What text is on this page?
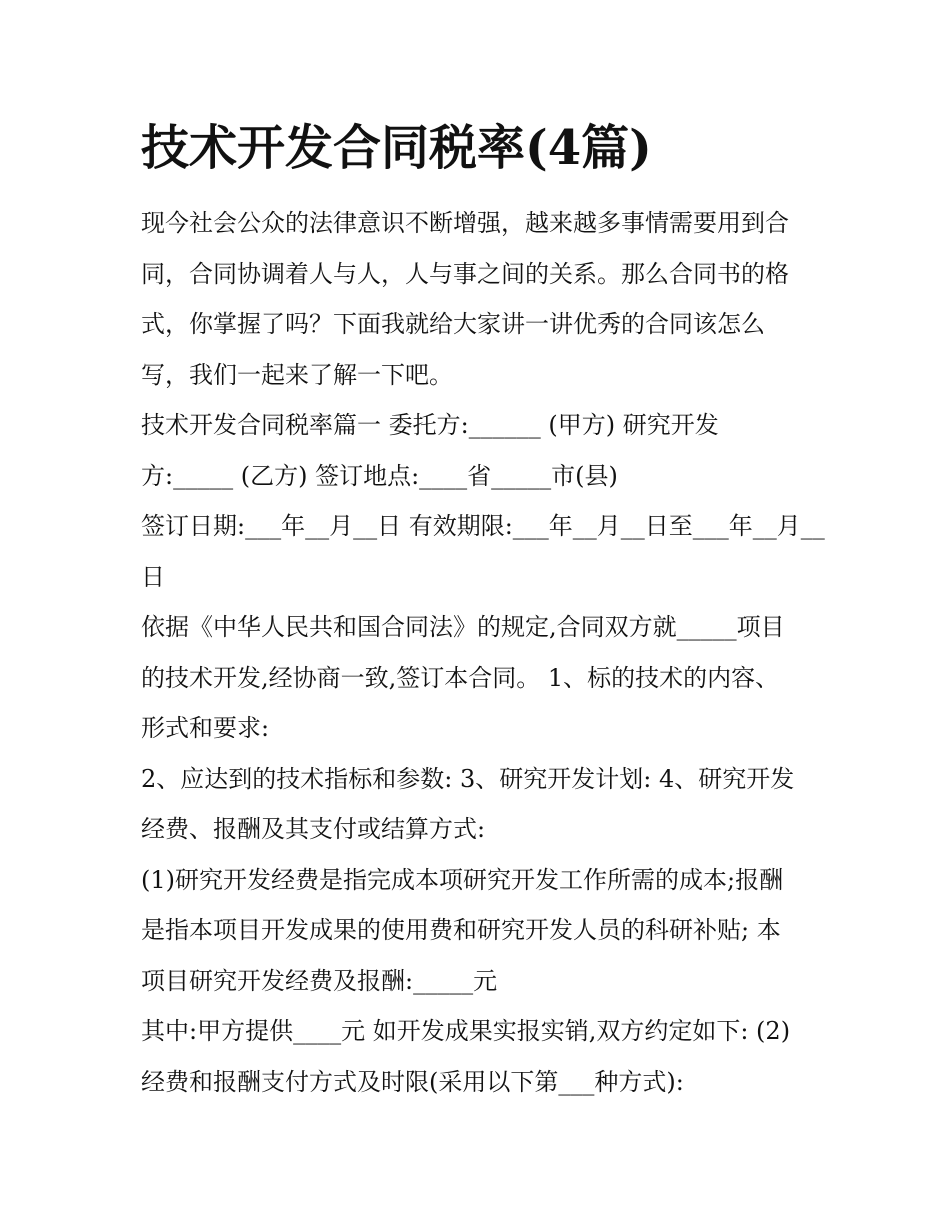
技术开发合同税率(4篇)

现今社会公众的法律意识不断增强，越来越多事情需要用到合

同，合同协调着人与人，人与事之间的关系。那么合同书的格

式，你掌握了吗？下面我就给大家讲一讲优秀的合同该怎么

写，我们一起来了解一下吧。

技术开发合同税率篇一 委托方:______ (甲方) 研究开发

方:_____ (乙方) 签订地点:____省_____市(县)

签订日期:___年__月__日 有效期限:___年__月__日至___年__月__

日

依据《中华人民共和国合同法》的规定,合同双方就_____项目

的技术开发,经协商一致,签订本合同。 1、标的技术的内容、

形式和要求:

2、应达到的技术指标和参数: 3、研究开发计划: 4、研究开发

经费、报酬及其支付或结算方式:

(1)研究开发经费是指完成本项研究开发工作所需的成本;报酬

是指本项目开发成果的使用费和研究开发人员的科研补贴; 本

项目研究开发经费及报酬:_____元

其中:甲方提供____元 如开发成果实报实销,双方约定如下: (2)

经费和报酬支付方式及时限(采用以下第___种方式):
